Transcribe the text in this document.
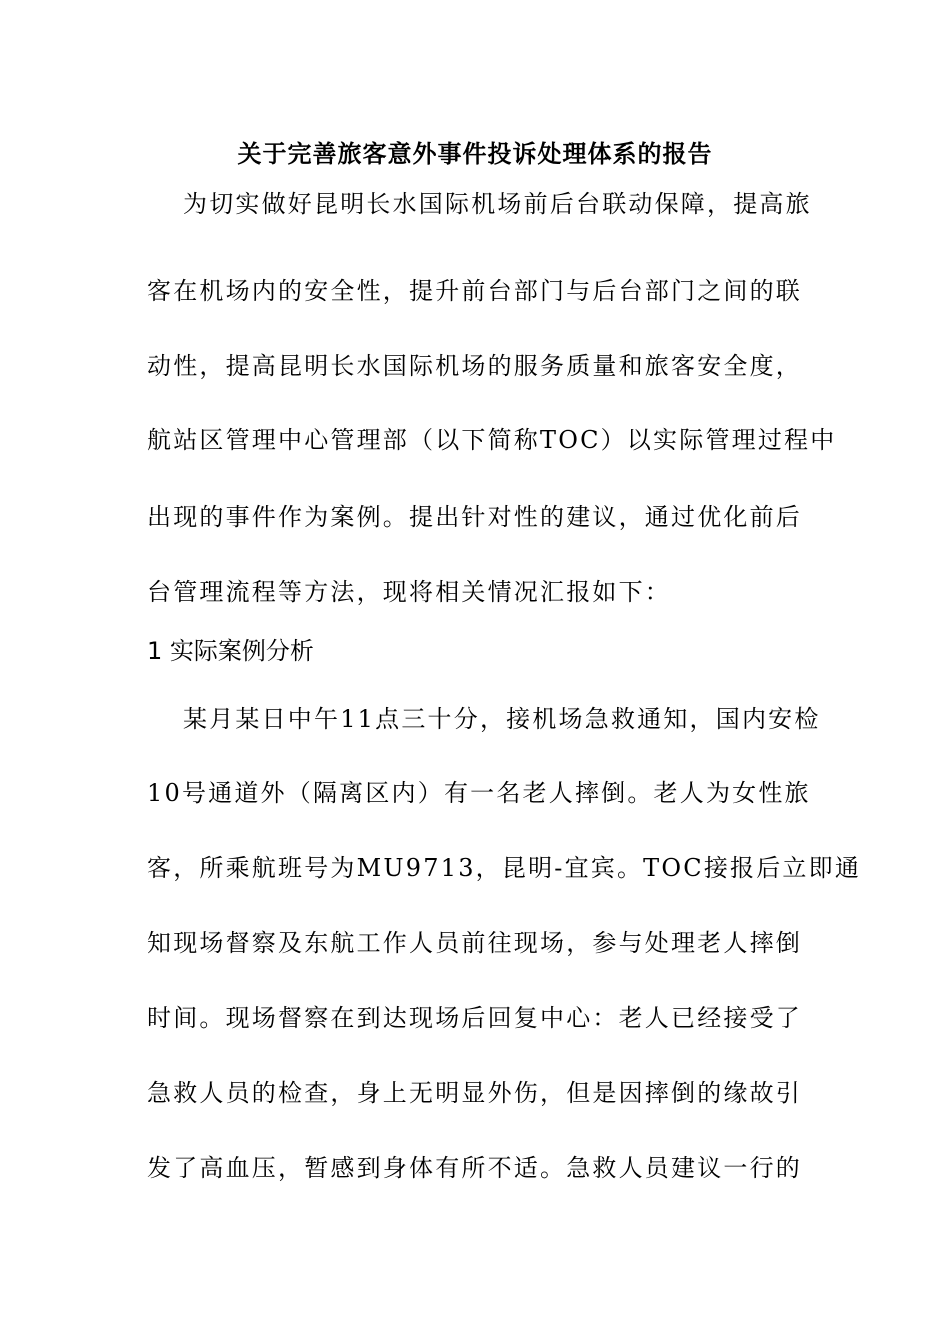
关于完善旅客意外事件投诉处理体系的报告
为切实做好昆明长水国际机场前后台联动保障，提高旅
客在机场内的安全性，提升前台部门与后台部门之间的联
动性，提高昆明长水国际机场的服务质量和旅客安全度，
航站区管理中心管理部（以下简称TOC）以实际管理过程中
出现的事件作为案例。提出针对性的建议，通过优化前后
台管理流程等方法，现将相关情况汇报如下：
1 实际案例分析
某月某日中午11点三十分，接机场急救通知，国内安检
10号通道外（隔离区内）有一名老人摔倒。老人为女性旅
客，所乘航班号为MU9713，昆明-宜宾。TOC接报后立即通
知现场督察及东航工作人员前往现场，参与处理老人摔倒
时间。现场督察在到达现场后回复中心：老人已经接受了
急救人员的检查，身上无明显外伤，但是因摔倒的缘故引
发了高血压，暂感到身体有所不适。急救人员建议一行的
